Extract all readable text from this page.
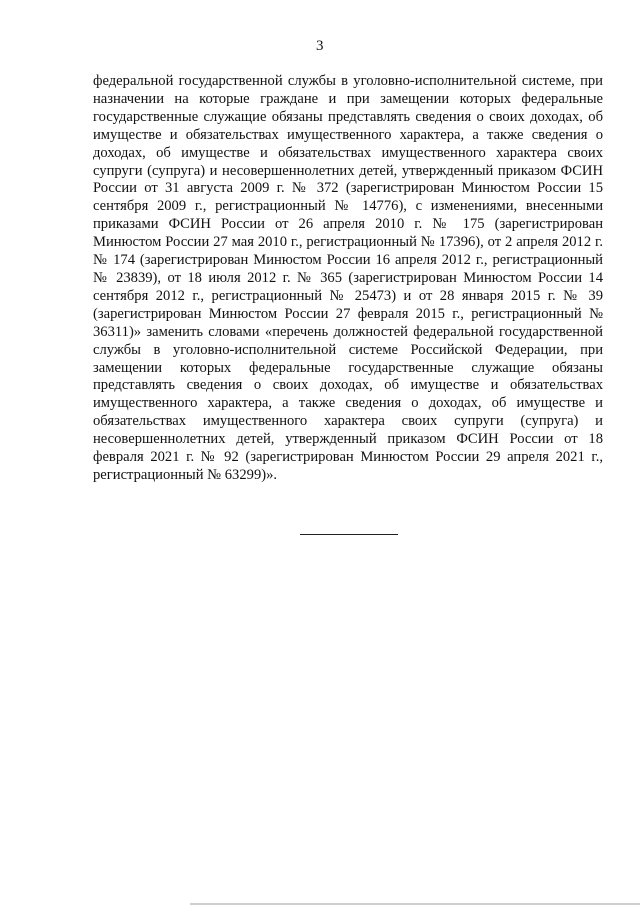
3
федеральной государственной службы в уголовно-исполнительной системе, при назначении на которые граждане и при замещении которых федеральные государственные служащие обязаны представлять сведения о своих доходах, об имуществе и обязательствах имущественного характера, а также сведения о доходах, об имуществе и обязательствах имущественного характера своих супруги (супруга) и несовершеннолетних детей, утвержденный приказом ФСИН России от 31 августа 2009 г. № 372 (зарегистрирован Минюстом России 15 сентября 2009 г., регистрационный № 14776), с изменениями, внесенными приказами ФСИН России от 26 апреля 2010 г. № 175 (зарегистрирован Минюстом России 27 мая 2010 г., регистрационный № 17396), от 2 апреля 2012 г. № 174 (зарегистрирован Минюстом России 16 апреля 2012 г., регистрационный № 23839), от 18 июля 2012 г. № 365 (зарегистрирован Минюстом России 14 сентября 2012 г., регистрационный № 25473) и от 28 января 2015 г. № 39 (зарегистрирован Минюстом России 27 февраля 2015 г., регистрационный № 36311)» заменить словами «перечень должностей федеральной государственной службы в уголовно-исполнительной системе Российской Федерации, при замещении которых федеральные государственные служащие обязаны представлять сведения о своих доходах, об имуществе и обязательствах имущественного характера, а также сведения о доходах, об имуществе и обязательствах имущественного характера своих супруги (супруга) и несовершеннолетних детей, утвержденный приказом ФСИН России от 18 февраля 2021 г. № 92 (зарегистрирован Минюстом России 29 апреля 2021 г., регистрационный № 63299)».
